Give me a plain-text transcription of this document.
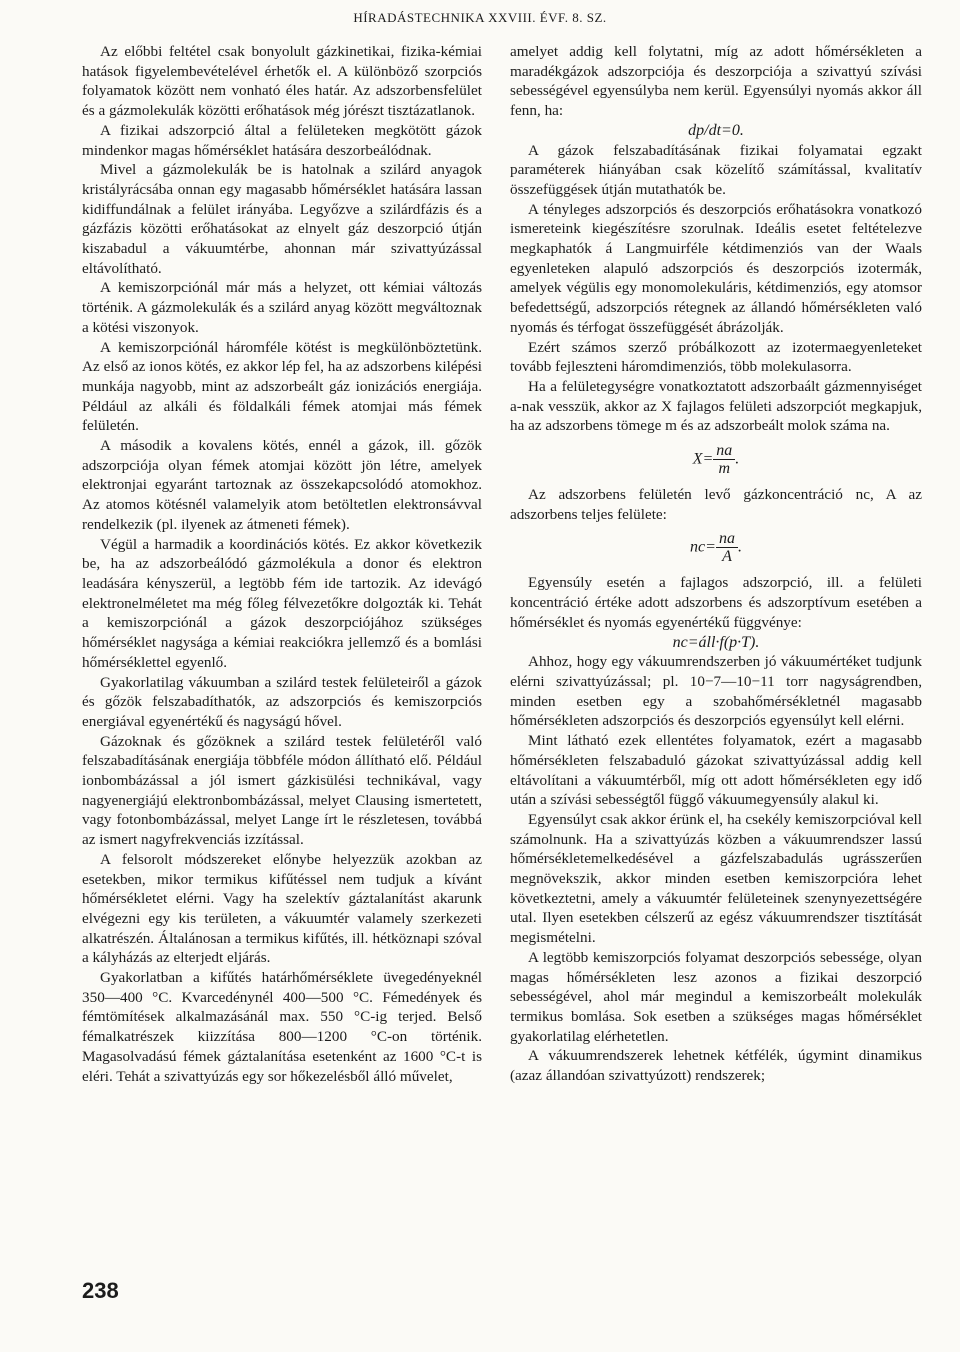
HÍRADÁSTECHNIKA XXVIII. ÉVF. 8. SZ.

Az előbbi feltétel csak bonyolult gázkinetikai, fizika-kémiai hatások figyelembevételével érhetők el. A különböző szorpciós folyamatok között nem vonható éles határ. Az adszorbensfelület és a gázmolekulák közötti erőhatások még jórészt tisztázatlanok.

A fizikai adszorpció által a felületeken megkötött gázok mindenkor magas hőmérséklet hatására deszorbeálódnak.

Mivel a gázmolekulák be is hatolnak a szilárd anyagok kristályrácsába onnan egy magasabb hőmérséklet hatására lassan kidiffundálnak a felület irányába. Legyőzve a szilárdfázis és a gázfázis közötti erőhatásokat az elnyelt gáz deszorpció útján kiszabadul a vákuumtérbe, ahonnan már szivattyúzással eltávolítható.

A kemiszorpciónál már más a helyzet, ott kémiai változás történik. A gázmolekulák és a szilárd anyag között megváltoznak a kötési viszonyok.

A kemiszorpciónál háromféle kötést is megkülönböztetünk. Az első az ionos kötés, ez akkor lép fel, ha az adszorbens kilépési munkája nagyobb, mint az adszorbeált gáz ionizációs energiája. Például az alkáli és földalkáli fémek atomjai más fémek felületén.

A második a kovalens kötés, ennél a gázok, ill. gőzök adszorpciója olyan fémek atomjai között jön létre, amelyek elektronjai egyaránt tartoznak az összekapcsolódó atomokhoz. Az atomos kötésnél valamelyik atom betöltetlen elektronsávval rendelkezik (pl. ilyenek az átmeneti fémek).

Végül a harmadik a koordinációs kötés. Ez akkor következik be, ha az adszorbeálódó gázmolékula a donor és elektron leadására kényszerül, a legtöbb fém ide tartozik. Az idevágó elektronelméletet ma még főleg félvezetőkre dolgozták ki. Tehát a kemiszorpciónál a gázok deszorpciójához szükséges hőmérséklet nagysága a kémiai reakciókra jellemző és a bomlási hőmérséklettel egyenlő.

Gyakorlatilag vákuumban a szilárd testek felületeiről a gázok és gőzök felszabadíthatók, az adszorpciós és kemiszorpciós energiával egyenértékű és nagyságú hővel.

Gázoknak és gőzöknek a szilárd testek felületéről való felszabadításának energiája többféle módon állítható elő. Például ionbombázással a jól ismert gázkisülési technikával, vagy nagyenergiájú elektronbombázással, melyet Clausing ismertetett, vagy fotonbombázással, melyet Lange írt le részletesen, továbbá az ismert nagyfrekvenciás izzítással.

A felsorolt módszereket előnybe helyezzük azokban az esetekben, mikor termikus kifűtéssel nem tudjuk a kívánt hőmérsékletet elérni. Vagy ha szelektív gáztalanítást akarunk elvégezni egy kis területen, a vákuumtér valamely szerkezeti alkatrészén. Általánosan a termikus kifűtés, ill. hétköznapi szóval a kályházás az elterjedt eljárás.

Gyakorlatban a kifűtés határhőmérséklete üvegedényeknél 350—400 °C. Kvarcedénynél 400—500 °C. Fémedények és fémtömítések alkalmazásánál max. 550 °C-ig terjed. Belső fémalkatrészek kiizzítása 800—1200 °C-on történik. Magasolvadású fémek gáztalanítása esetenként az 1600 °C-t is eléri. Tehát a szivattyúzás egy sor hőkezelésből álló művelet,

amelyet addig kell folytatni, míg az adott hőmérsékleten a maradékgázok adszorpciója és deszorpciója a szivattyú szívási sebességével egyensúlyba nem kerül. Egyensúlyi nyomás akkor áll fenn, ha:

dp/dt=0.

A gázok felszabadításának fizikai folyamatai egzakt paraméterek hiányában csak közelítő számítással, kvalitatív összefüggések útján mutathatók be.

A tényleges adszorpciós és deszorpciós erőhatásokra vonatkozó ismereteink kiegészítésre szorulnak. Ideális esetet feltételezve megkaphatók á Langmuirféle kétdimenziós van der Waals egyenleteken alapuló adszorpciós és deszorpciós izotermák, amelyek végülis egy monomolekuláris, kétdimenziós, egy atomsor befedettségű, adszorpciós rétegnek az állandó hőmérsékleten való nyomás és térfogat összefüggését ábrázolják.

Ezért számos szerző próbálkozott az izotermaegyenleteket tovább fejleszteni háromdimenziós, több molekulasorra.

Ha a felületegységre vonatkoztatott adszorbaált gázmennyiséget a-nak vesszük, akkor az X fajlagos felületi adszorpciót megkapjuk, ha az adszorbens tömege m és az adszorbeált molok száma na.

$X= \frac{na}{m}$ .

Az adszorbens felületén levő gázkoncentráció nc, A az adszorbens teljes felülete:

$nc= \frac{na}{A}$ .

Egyensúly esetén a fajlagos adszorpció, ill. a felületi koncentráció értéke adott adszorbens és adszorptívum esetében a hőmérséklet és nyomás egyenértékű függvénye:

nc=áll·f(p·T).

Ahhoz, hogy egy vákuumrendszerben jó vákuumértéket tudjunk elérni szivattyúzással; pl. 10−7—10−11 torr nagyságrendben, minden esetben egy a szobahőmérsékletnél magasabb hőmérsékleten adszorpciós és deszorpciós egyensúlyt kell elérni.

Mint látható ezek ellentétes folyamatok, ezért a magasabb hőmérsékleten felszabaduló gázokat szivattyúzással addig kell eltávolítani a vákuumtérből, míg ott adott hőmérsékleten egy idő után a szívási sebességtől függő vákuumegyensúly alakul ki.

Egyensúlyt csak akkor érünk el, ha csekély kemiszorpcióval kell számolnunk. Ha a szivattyúzás közben a vákuumrendszer lassú hőmérsékletemelkedésével a gázfelszabadulás ugrásszerűen megnövekszik, akkor minden esetben kemiszorpcióra lehet következtetni, amely a vákuumtér felületeinek szenynyezettségére utal. Ilyen esetekben célszerű az egész vákuumrendszer tisztítását megismételni.

A legtöbb kemiszorpciós folyamat deszorpciós sebessége, olyan magas hőmérsékleten lesz azonos a fizikai deszorpció sebességével, ahol már megindul a kemiszorbeált molekulák termikus bomlása. Sok esetben a szükséges magas hőmérséklet gyakorlatilag elérhetetlen.

A vákuumrendszerek lehetnek kétfélék, úgymint dinamikus (azaz állandóan szivattyúzott) rendszerek;

238
